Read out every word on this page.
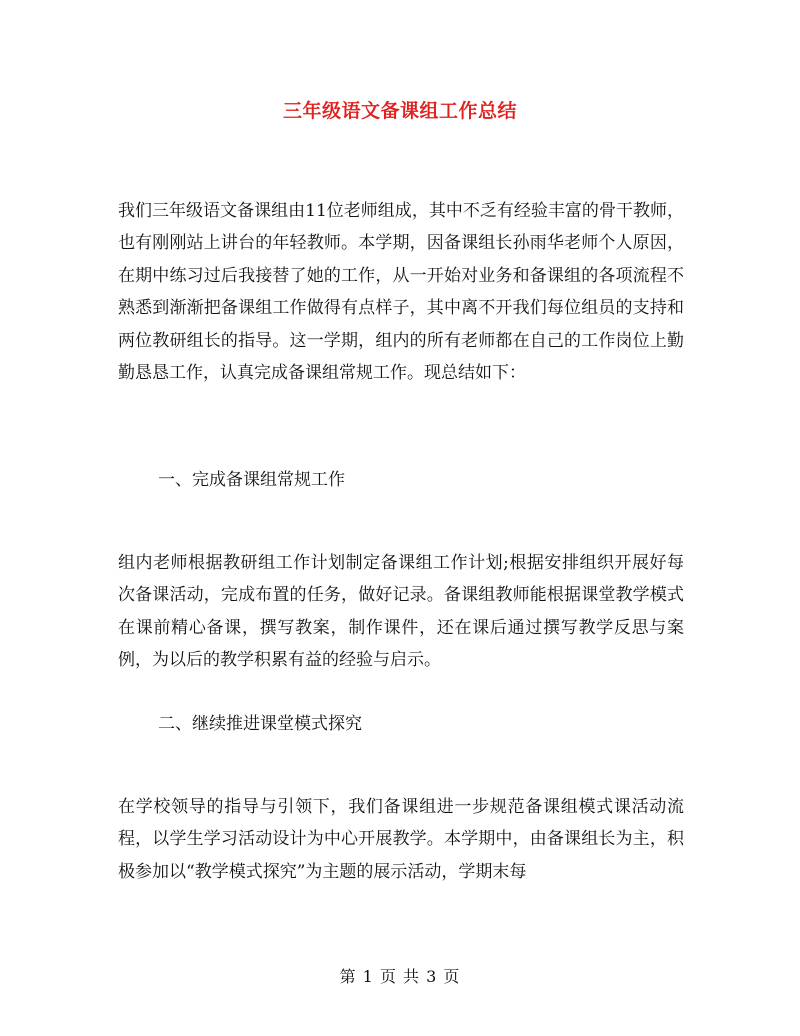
三年级语文备课组工作总结

我们三年级语文备课组由11位老师组成，其中不乏有经验丰富的骨干教师，也有刚刚站上讲台的年轻教师。本学期，因备课组长孙雨华老师个人原因，在期中练习过后我接替了她的工作，从一开始对业务和备课组的各项流程不熟悉到渐渐把备课组工作做得有点样子，其中离不开我们每位组员的支持和两位教研组长的指导。这一学期，组内的所有老师都在自己的工作岗位上勤勤恳恳工作，认真完成备课组常规工作。现总结如下：

一、完成备课组常规工作

组内老师根据教研组工作计划制定备课组工作计划;根据安排组织开展好每次备课活动，完成布置的任务，做好记录。备课组教师能根据课堂教学模式在课前精心备课，撰写教案，制作课件，还在课后通过撰写教学反思与案例，为以后的教学积累有益的经验与启示。

二、继续推进课堂模式探究

在学校领导的指导与引领下，我们备课组进一步规范备课组模式课活动流程，以学生学习活动设计为中心开展教学。本学期中，由备课组长为主，积极参加以“教学模式探究”为主题的展示活动，学期末每

第 1 页 共 3 页
